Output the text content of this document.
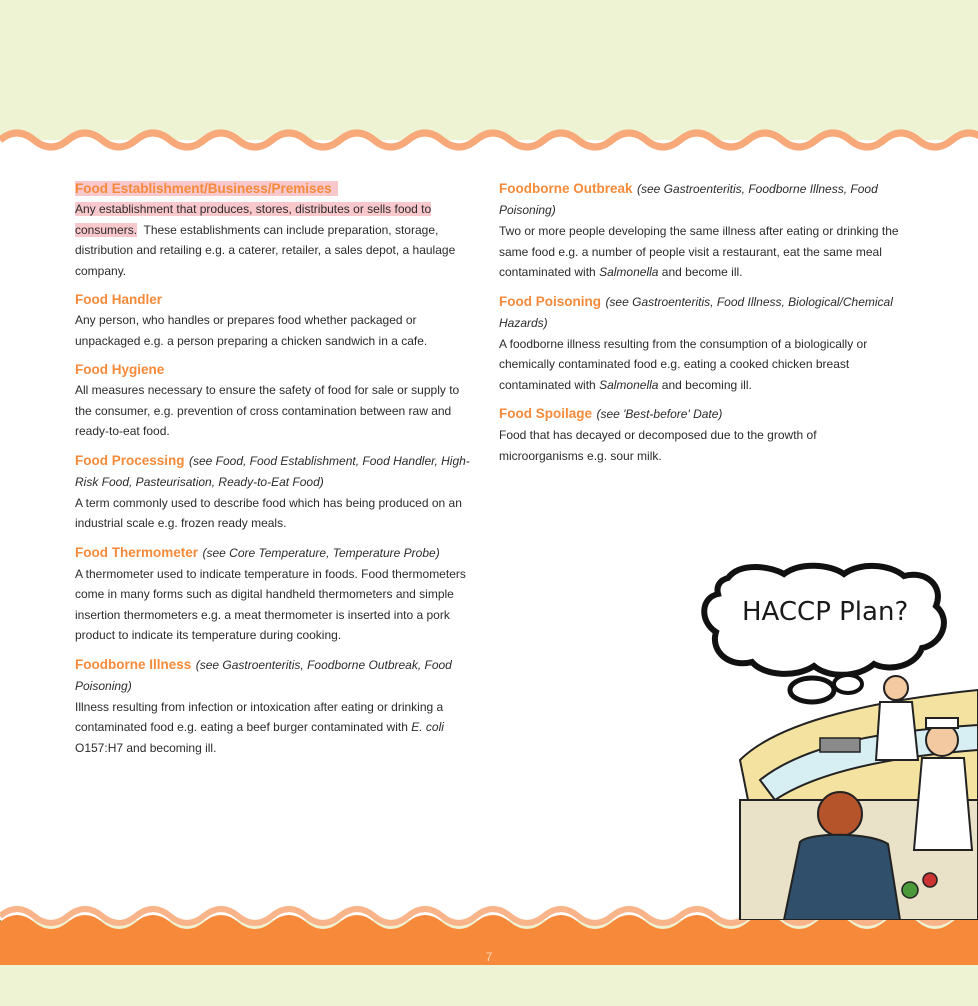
7
Food Establishment/Business/Premises
Any establishment that produces, stores, distributes or sells food to consumers. These establishments can include preparation, storage, distribution and retailing e.g. a caterer, retailer, a sales depot, a haulage company.
Food Handler
Any person, who handles or prepares food whether packaged or unpackaged e.g. a person preparing a chicken sandwich in a cafe.
Food Hygiene
All measures necessary to ensure the safety of food for sale or supply to the consumer, e.g. prevention of cross contamination between raw and ready-to-eat food.
Food Processing (see Food, Food Establishment, Food Handler, High-Risk Food, Pasteurisation, Ready-to-Eat Food)
A term commonly used to describe food which has being produced on an industrial scale e.g. frozen ready meals.
Food Thermometer (see Core Temperature, Temperature Probe)
A thermometer used to indicate temperature in foods. Food thermometers come in many forms such as digital handheld thermometers and simple insertion thermometers e.g. a meat thermometer is inserted into a pork product to indicate its temperature during cooking.
Foodborne Illness (see Gastroenteritis, Foodborne Outbreak, Food Poisoning)
Illness resulting from infection or intoxication after eating or drinking a contaminated food e.g. eating a beef burger contaminated with E. coli O157:H7 and becoming ill.
Foodborne Outbreak (see Gastroenteritis, Foodborne Illness, Food Poisoning)
Two or more people developing the same illness after eating or drinking the same food e.g. a number of people visit a restaurant, eat the same meal contaminated with Salmonella and become ill.
Food Poisoning (see Gastroenteritis, Food Illness, Biological/Chemical Hazards)
A foodborne illness resulting from the consumption of a biologically or chemically contaminated food e.g. eating a cooked chicken breast contaminated with Salmonella and becoming ill.
Food Spoilage (see 'Best-before' Date)
Food that has decayed or decomposed due to the growth of microorganisms e.g. sour milk.
HACCP Plan?
